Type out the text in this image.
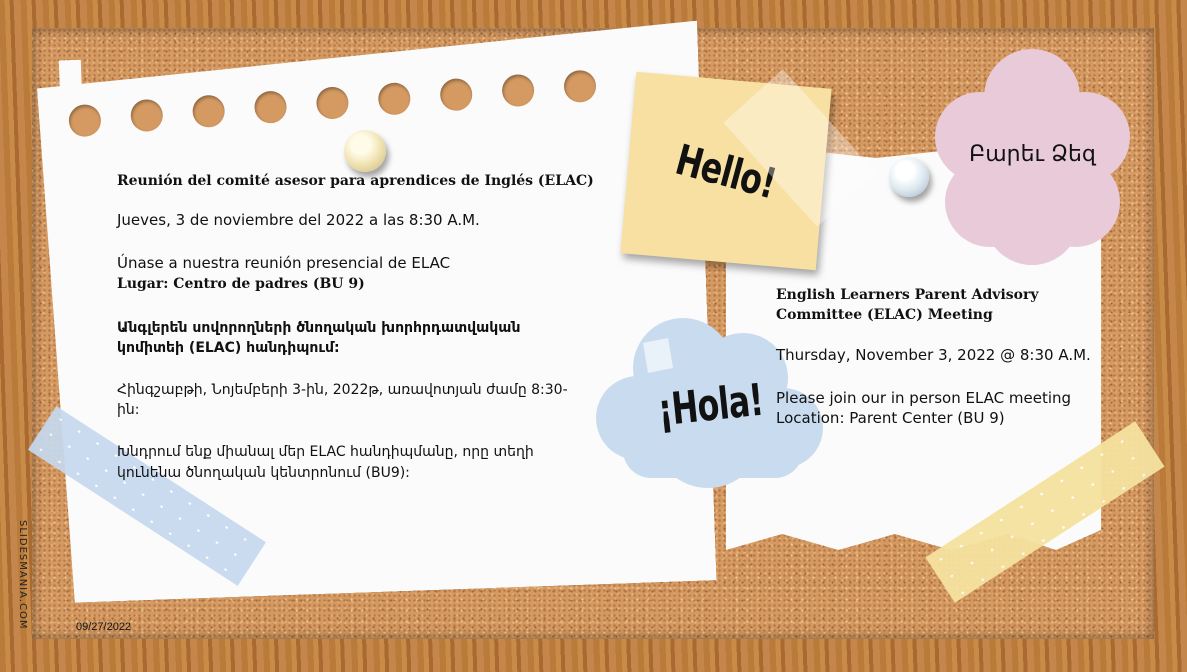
Hello!	Բարեւ Ձեզ
¡Hola!
Reunión del comité asesor para aprendices de Inglés (ELAC)
Jueves, 3 de noviembre del 2022 a las 8:30 A.M.
Únase a nuestra reunión presencial de ELAC
Lugar: Centro de padres (BU 9)
Անգլերեն սովորողների ծնողական խորհրդատվական
կոմիտեի (ELAC) հանդիպում:
Հինգշաբթի, Նոյեմբերի 3-ին, 2022թ, առավոտյան ժամը 8:30-
ին:
Խնդրում ենք միանալ մեր ELAC հանդիպմանը, որը տեղի
կունենա ծնողական կենտրոնում (BU9):
English Learners Parent Advisory
Committee (ELAC) Meeting
Thursday, November 3, 2022 @ 8:30 A.M.
Please join our in person ELAC meeting
Location: Parent Center (BU 9)
SLIDESMANIA.COM	09/27/2022
